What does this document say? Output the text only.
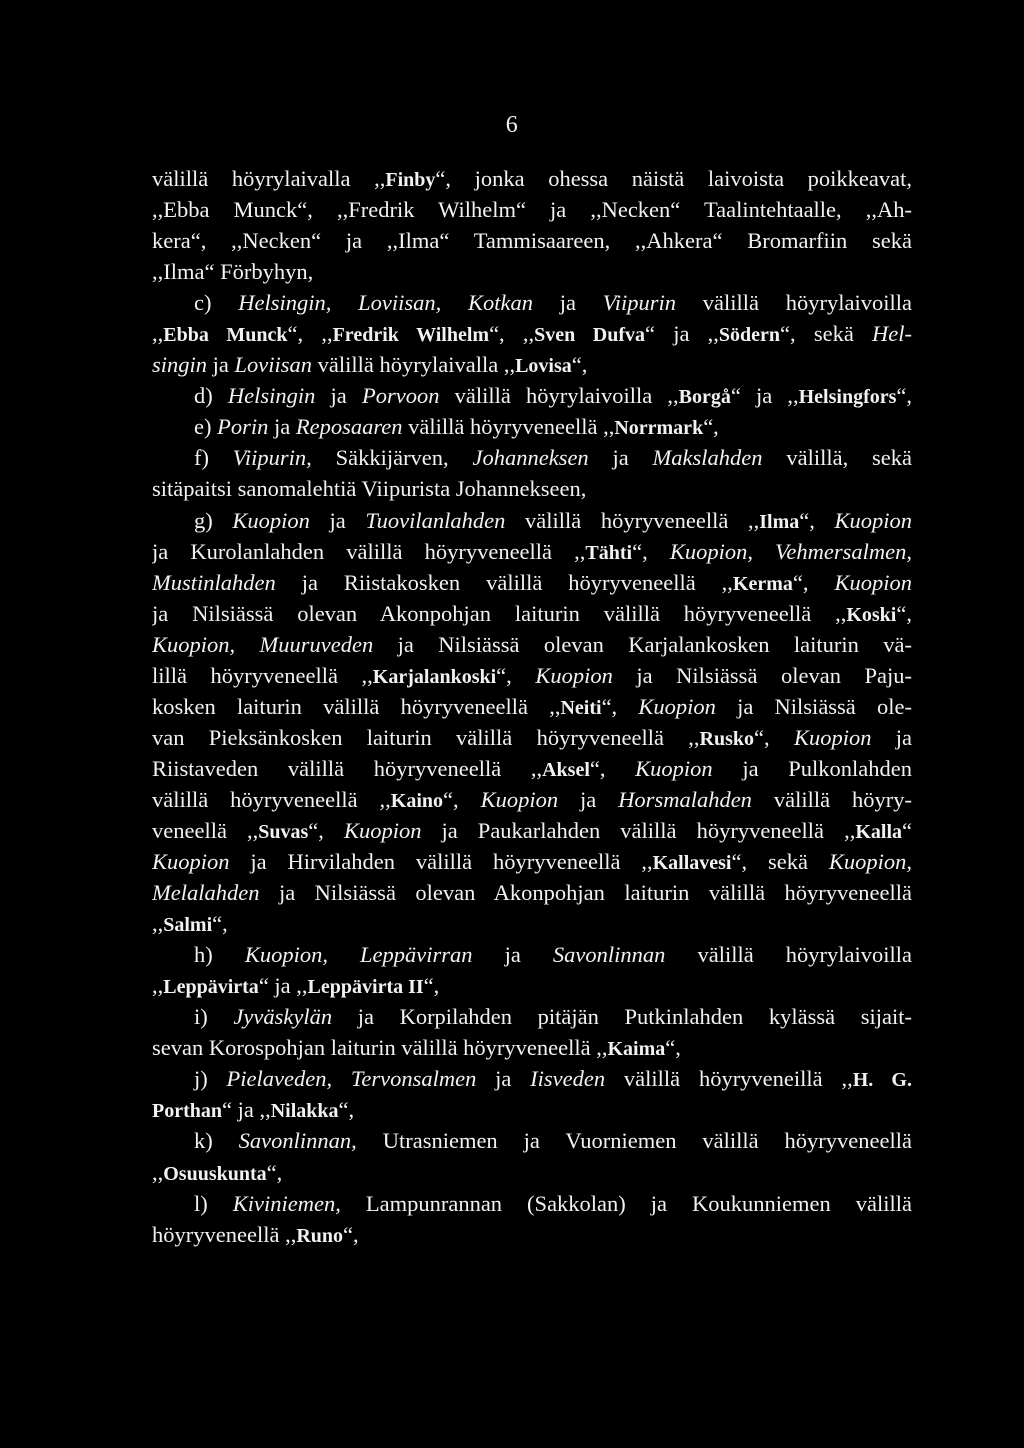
6
välillä höyrylaivalla ,,Finby“, jonka ohessa näistä laivoista poikkeavat,
,,Ebba Munck“, ,,Fredrik Wilhelm“ ja ,,Necken“ Taalintehtaalle, ,,Ah-
kera“, ,,Necken“ ja ,,Ilma“ Tammisaareen, ,,Ahkera“ Bromarfiin sekä
,,Ilma“ Förbyhyn,
c) Helsingin, Loviisan, Kotkan ja Viipurin välillä höyrylaivoilla
,,Ebba Munck“, ,,Fredrik Wilhelm“, ,,Sven Dufva“ ja ,,Södern“, sekä Hel-
singin ja Loviisan välillä höyrylaivalla ,,Lovisa“,
d) Helsingin ja Porvoon välillä höyrylaivoilla ,,Borgå“ ja ,,Helsingfors“,
e) Porin ja Reposaaren välillä höyryveneellä ,,Norrmark“,
f) Viipurin, Säkkijärven, Johanneksen ja Makslahden välillä, sekä
sitäpaitsi sanomalehtiä Viipurista Johannekseen,
g) Kuopion ja Tuovilanlahden välillä höyryveneellä ,,Ilma“, Kuopion
ja Kurolanlahden välillä höyryveneellä ,,Tähti“, Kuopion, Vehmersalmen,
Mustinlahden ja Riistakosken välillä höyryveneellä ,,Kerma“, Kuopion
ja Nilsiässä olevan Akonpohjan laiturin välillä höyryveneellä ,,Koski“,
Kuopion, Muuruveden ja Nilsiässä olevan Karjalankosken laiturin vä-
lillä höyryveneellä ,,Karjalankoski“, Kuopion ja Nilsiässä olevan Paju-
kosken laiturin välillä höyryveneellä ,,Neiti“, Kuopion ja Nilsiässä ole-
van Pieksänkosken laiturin välillä höyryveneellä ,,Rusko“, Kuopion ja
Riistaveden välillä höyryveneellä ,,Aksel“, Kuopion ja Pulkonlahden
välillä höyryveneellä ,,Kaino“, Kuopion ja Horsmalahden välillä höyry-
veneellä ,,Suvas“, Kuopion ja Paukarlahden välillä höyryveneellä ,,Kalla“
Kuopion ja Hirvilahden välillä höyryveneellä ,,Kallavesi“, sekä Kuopion,
Melalahden ja Nilsiässä olevan Akonpohjan laiturin välillä höyryveneellä
,,Salmi“,
h) Kuopion, Leppävirran ja Savonlinnan välillä höyrylaivoilla
,,Leppävirta“ ja ,,Leppävirta II“,
i) Jyväskylän ja Korpilahden pitäjän Putkinlahden kylässä sijait-
sevan Korospohjan laiturin välillä höyryveneellä ,,Kaima“,
j) Pielaveden, Tervonsalmen ja Iisveden välillä höyryveneillä ,,H. G.
Porthan“ ja ,,Nilakka“,
k) Savonlinnan, Utrasniemen ja Vuorniemen välillä höyryveneellä
,,Osuuskunta“,
l) Kiviniemen, Lampunrannan (Sakkolan) ja Koukunniemen välillä
höyryveneellä ,,Runo“,
